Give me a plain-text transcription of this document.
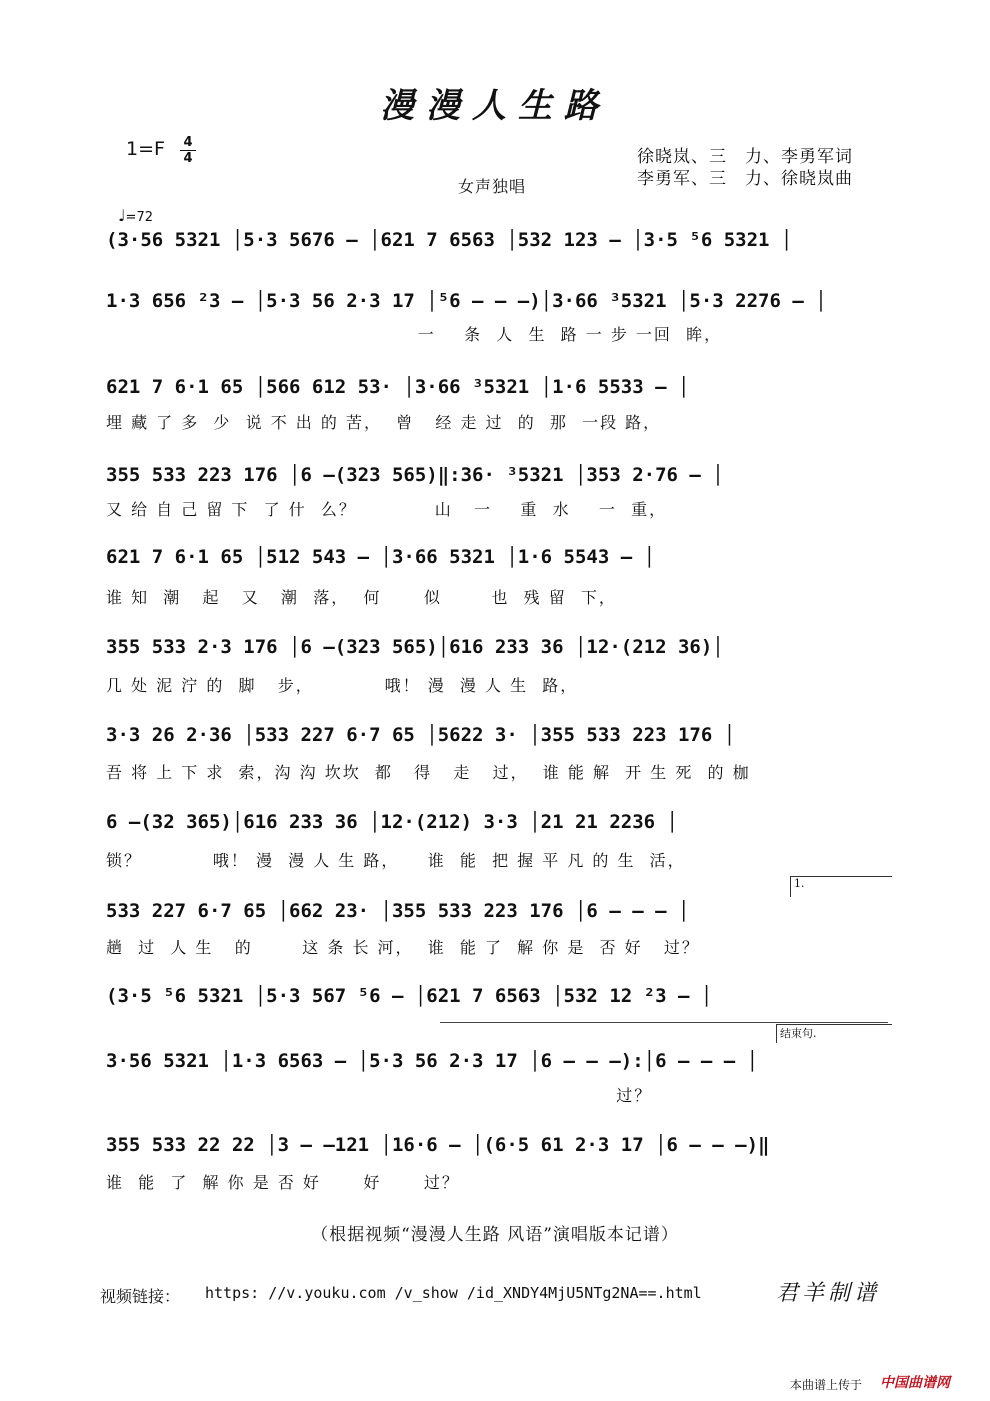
漫漫人生路
1=F 4
4	徐晓岚、三　力、李勇军词
李勇军、三　力、徐晓岚曲
女声独唱
♩=72
(3·56 5321 │5·3 5676 – │621 7 6563 │532 123 – │3·5 ⁵6 5321 │
1·3 656 ²3 – │5·3 56 2·3 17 │⁵6 – – –)│3·66 ³5321 │5·3 2276 – │
一    条  人  生  路 一 步 一回  眸，
621 7 6·1 65 │566 612 53· │3·66 ³5321 │1·6 5533 – │
埋 藏 了 多  少  说 不 出 的 苦，  曾   经 走 过  的  那  一段 路，
355 533 223 176 │6 –(323 565)‖:36· ³5321 │353 2·76 – │
又 给 自 己 留 下  了 什  么？           山   一    重  水    一  重，
621 7 6·1 65 │512 543 – │3·66 5321 │1·6 5543 – │
谁 知  潮   起   又   潮  落，  何      似       也  残 留  下，
355 533 2·3 176 │6 –(323 565)│616 233 36 │12·(212 36)│
几 处 泥 泞 的  脚   步，          哦！ 漫  漫 人 生  路，
3·3 26 2·36 │533 227 6·7 65 │5622 3· │355 533 223 176 │
吾 将 上 下 求  索，沟 沟 坎坎  都   得   走   过，  谁 能 解  开 生 死  的 枷
6 –(32 365)│616 233 36 │12·(212) 3·3 │21 21 2236 │
锁？          哦！ 漫  漫 人 生 路，    谁  能  把 握 平 凡 的 生  活，
1.
533 227 6·7 65 │662 23· │355 533 223 176 │6 – – – │
趟  过  人 生   的       这 条 长 河，  谁  能 了  解 你 是  否 好   过？
(3·5 ⁵6 5321 │5·3 567 ⁵6 – │621 7 6563 │532 12 ²3 – │
结束句.
3·56 5321 │1·3 6563 – │5·3 56 2·3 17 │6 – – –):│6 – – – │
过？
355 533 22 22 │3 – –121 │16·6 – │(6·5 61 2·3 17 │6 – – –)‖
谁  能  了  解 你 是 否 好      好      过？
（根据视频“漫漫人生路 风语”演唱版本记谱）
视频链接： https: //v.youku.com /v_show /id_XNDY4MjU5NTg2NA==.html	君羊制谱
本曲谱上传于 中国曲谱网
